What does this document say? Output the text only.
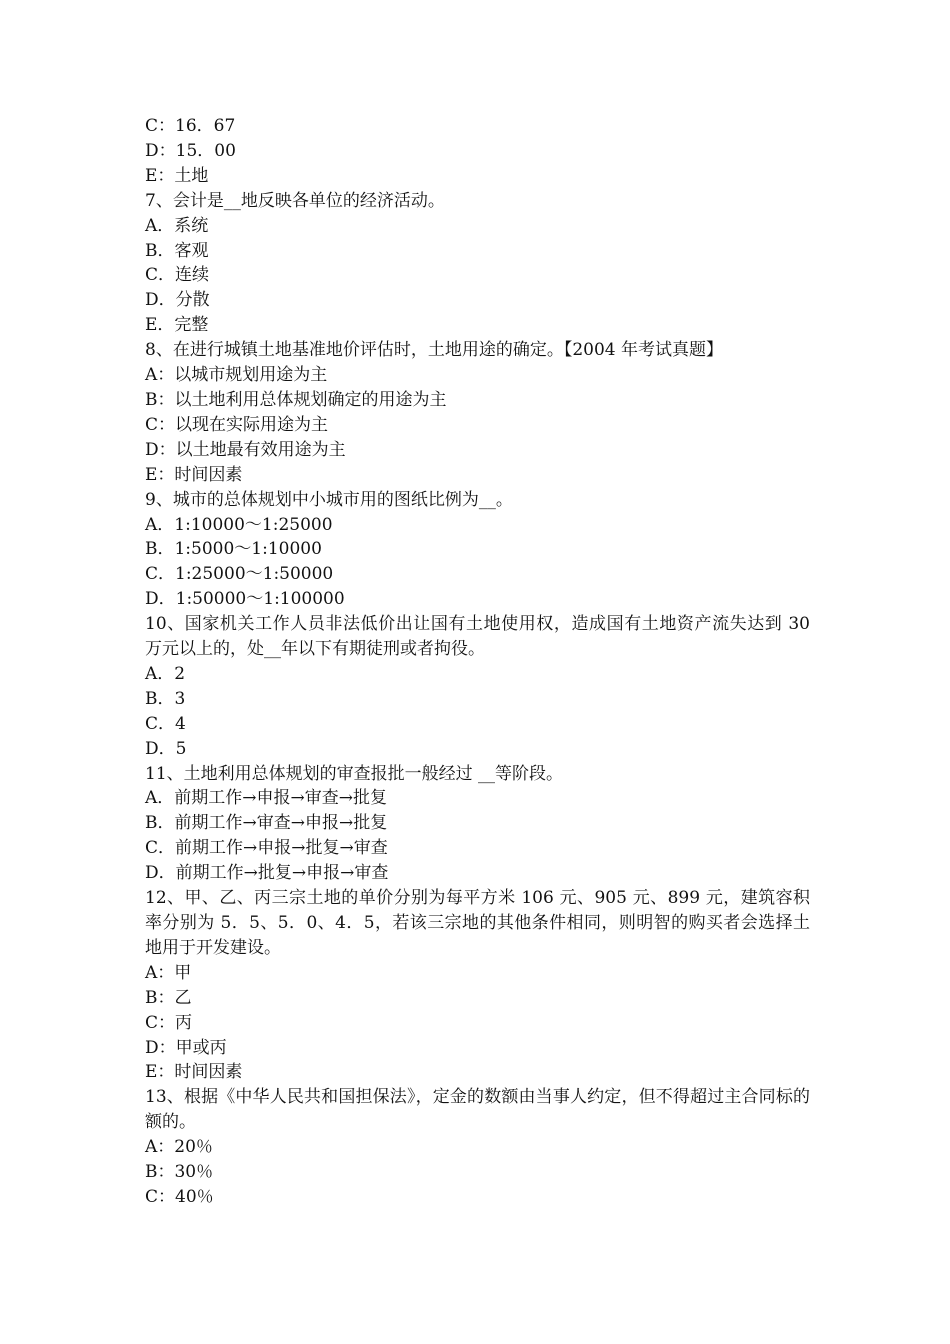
C：16．67
D：15．00
E：土地
7、会计是__地反映各单位的经济活动。
A．系统
B．客观
C．连续
D．分散
E．完整
8、在进行城镇土地基准地价评估时，土地用途的确定。【2004 年考试真题】
A：以城市规划用途为主
B：以土地利用总体规划确定的用途为主
C：以现在实际用途为主
D：以土地最有效用途为主
E：时间因素
9、城市的总体规划中小城市用的图纸比例为__。
A．1:10000～1:25000
B．1:5000～1:10000
C．1:25000～1:50000
D．1:50000～1:100000
10、国家机关工作人员非法低价出让国有土地使用权，造成国有土地资产流失达到 30 万元以上的，处__年以下有期徒刑或者拘役。
A．2
B．3
C．4
D．5
11、土地利用总体规划的审查报批一般经过 __等阶段。
A．前期工作→申报→审查→批复
B．前期工作→审查→申报→批复
C．前期工作→申报→批复→审查
D．前期工作→批复→申报→审查
12、甲、乙、丙三宗土地的单价分别为每平方米 106 元、905 元、899 元，建筑容积率分别为 5．5、5．0、4．5，若该三宗地的其他条件相同，则明智的购买者会选择土地用于开发建设。
A：甲
B：乙
C：丙
D：甲或丙
E：时间因素
13、根据《中华人民共和国担保法》，定金的数额由当事人约定，但不得超过主合同标的额的。
A：20％
B：30％
C：40％
